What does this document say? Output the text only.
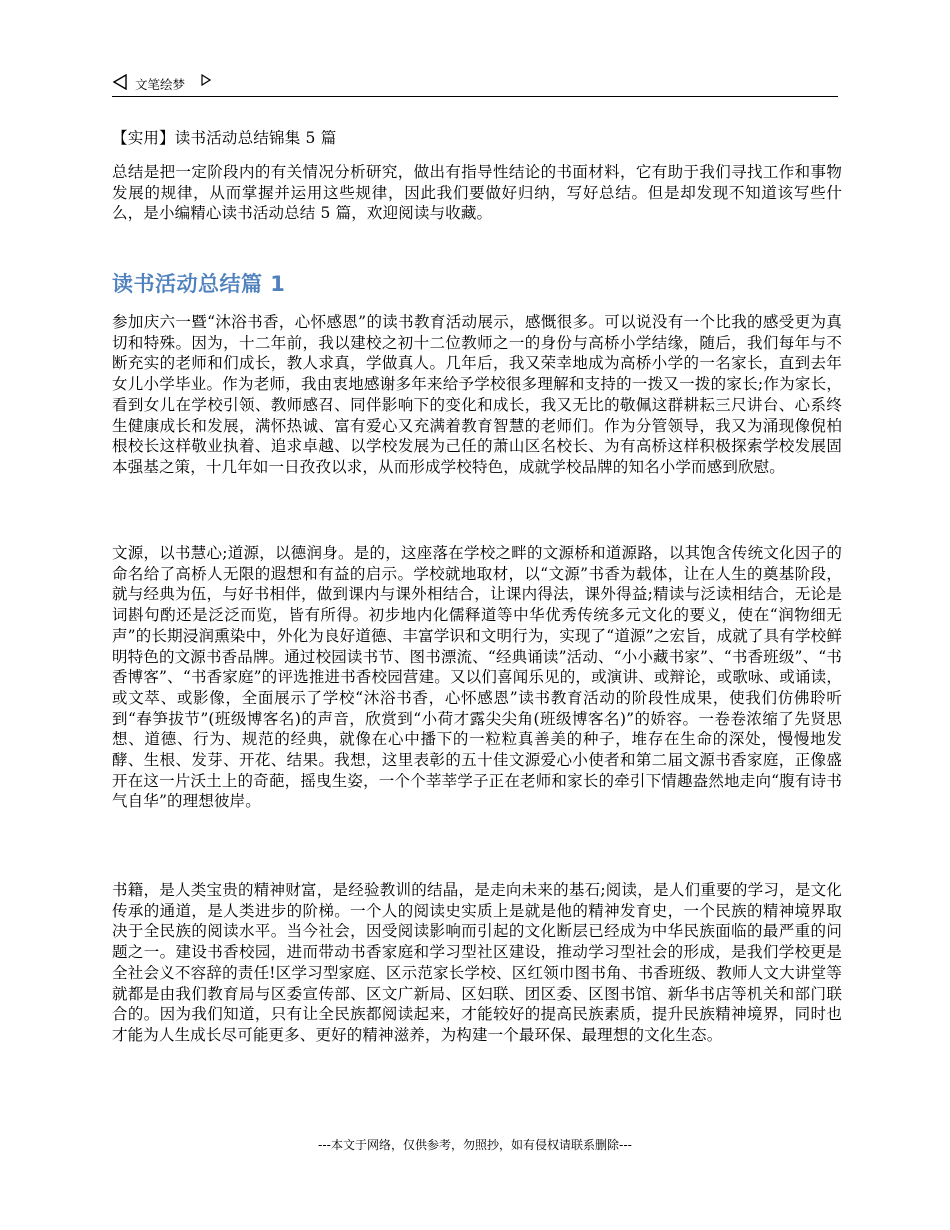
文笔绘梦
【实用】读书活动总结锦集 5 篇
总结是把一定阶段内的有关情况分析研究，做出有指导性结论的书面材料，它有助于我们寻找工作和事物发展的规律，从而掌握并运用这些规律，因此我们要做好归纳，写好总结。但是却发现不知道该写些什么，是小编精心读书活动总结 5 篇，欢迎阅读与收藏。
读书活动总结篇 1
参加庆六一暨“沐浴书香，心怀感恩”的读书教育活动展示，感慨很多。可以说没有一个比我的感受更为真切和特殊。因为，十二年前，我以建校之初十二位教师之一的身份与高桥小学结缘，随后，我们每年与不断充实的老师和们成长，教人求真，学做真人。几年后，我又荣幸地成为高桥小学的一名家长，直到去年女儿小学毕业。作为老师，我由衷地感谢多年来给予学校很多理解和支持的一拨又一拨的家长;作为家长，看到女儿在学校引领、教师感召、同伴影响下的变化和成长，我又无比的敬佩这群耕耘三尺讲台、心系终生健康成长和发展，满怀热诚、富有爱心又充满着教育智慧的老师们。作为分管领导，我又为涌现像倪柏根校长这样敬业执着、追求卓越、以学校发展为己任的萧山区名校长、为有高桥这样积极探索学校发展固本强基之策，十几年如一日孜孜以求，从而形成学校特色，成就学校品牌的知名小学而感到欣慰。
文源，以书慧心;道源，以德润身。是的，这座落在学校之畔的文源桥和道源路，以其饱含传统文化因子的命名给了高桥人无限的遐想和有益的启示。学校就地取材，以“文源”书香为载体，让在人生的奠基阶段，就与经典为伍，与好书相伴，做到课内与课外相结合，让课内得法，课外得益;精读与泛读相结合，无论是词斟句酌还是泛泛而览，皆有所得。初步地内化儒释道等中华优秀传统多元文化的要义，使在“润物细无声”的长期浸润熏染中，外化为良好道德、丰富学识和文明行为，实现了“道源”之宏旨，成就了具有学校鲜明特色的文源书香品牌。通过校园读书节、图书漂流、“经典诵读”活动、“小小藏书家”、“书香班级”、“书香博客”、“书香家庭”的评选推进书香校园营建。又以们喜闻乐见的，或演讲、或辩论，或歌咏、或诵读，或文萃、或影像，全面展示了学校“沐浴书香，心怀感恩”读书教育活动的阶段性成果，使我们仿佛聆听到“春笋拔节”(班级博客名)的声音，欣赏到“小荷才露尖尖角(班级博客名)”的娇容。一卷卷浓缩了先贤思想、道德、行为、规范的经典，就像在心中播下的一粒粒真善美的种子，堆存在生命的深处，慢慢地发酵、生根、发芽、开花、结果。我想，这里表彰的五十佳文源爱心小使者和第二届文源书香家庭，正像盛开在这一片沃土上的奇葩，摇曳生姿，一个个莘莘学子正在老师和家长的牵引下情趣盎然地走向“腹有诗书气自华”的理想彼岸。
书籍，是人类宝贵的精神财富，是经验教训的结晶，是走向未来的基石;阅读，是人们重要的学习，是文化传承的通道，是人类进步的阶梯。一个人的阅读史实质上是就是他的精神发育史，一个民族的精神境界取决于全民族的阅读水平。当今社会，因受阅读影响而引起的文化断层已经成为中华民族面临的最严重的问题之一。建设书香校园，进而带动书香家庭和学习型社区建设，推动学习型社会的形成，是我们学校更是全社会义不容辞的责任!区学习型家庭、区示范家长学校、区红领巾图书角、书香班级、教师人文大讲堂等就都是由我们教育局与区委宣传部、区文广新局、区妇联、团区委、区图书馆、新华书店等机关和部门联合的。因为我们知道，只有让全民族都阅读起来，才能较好的提高民族素质，提升民族精神境界，同时也才能为人生成长尽可能更多、更好的精神滋养，为构建一个最环保、最理想的文化生态。
---本文于网络，仅供参考，勿照抄，如有侵权请联系删除---
